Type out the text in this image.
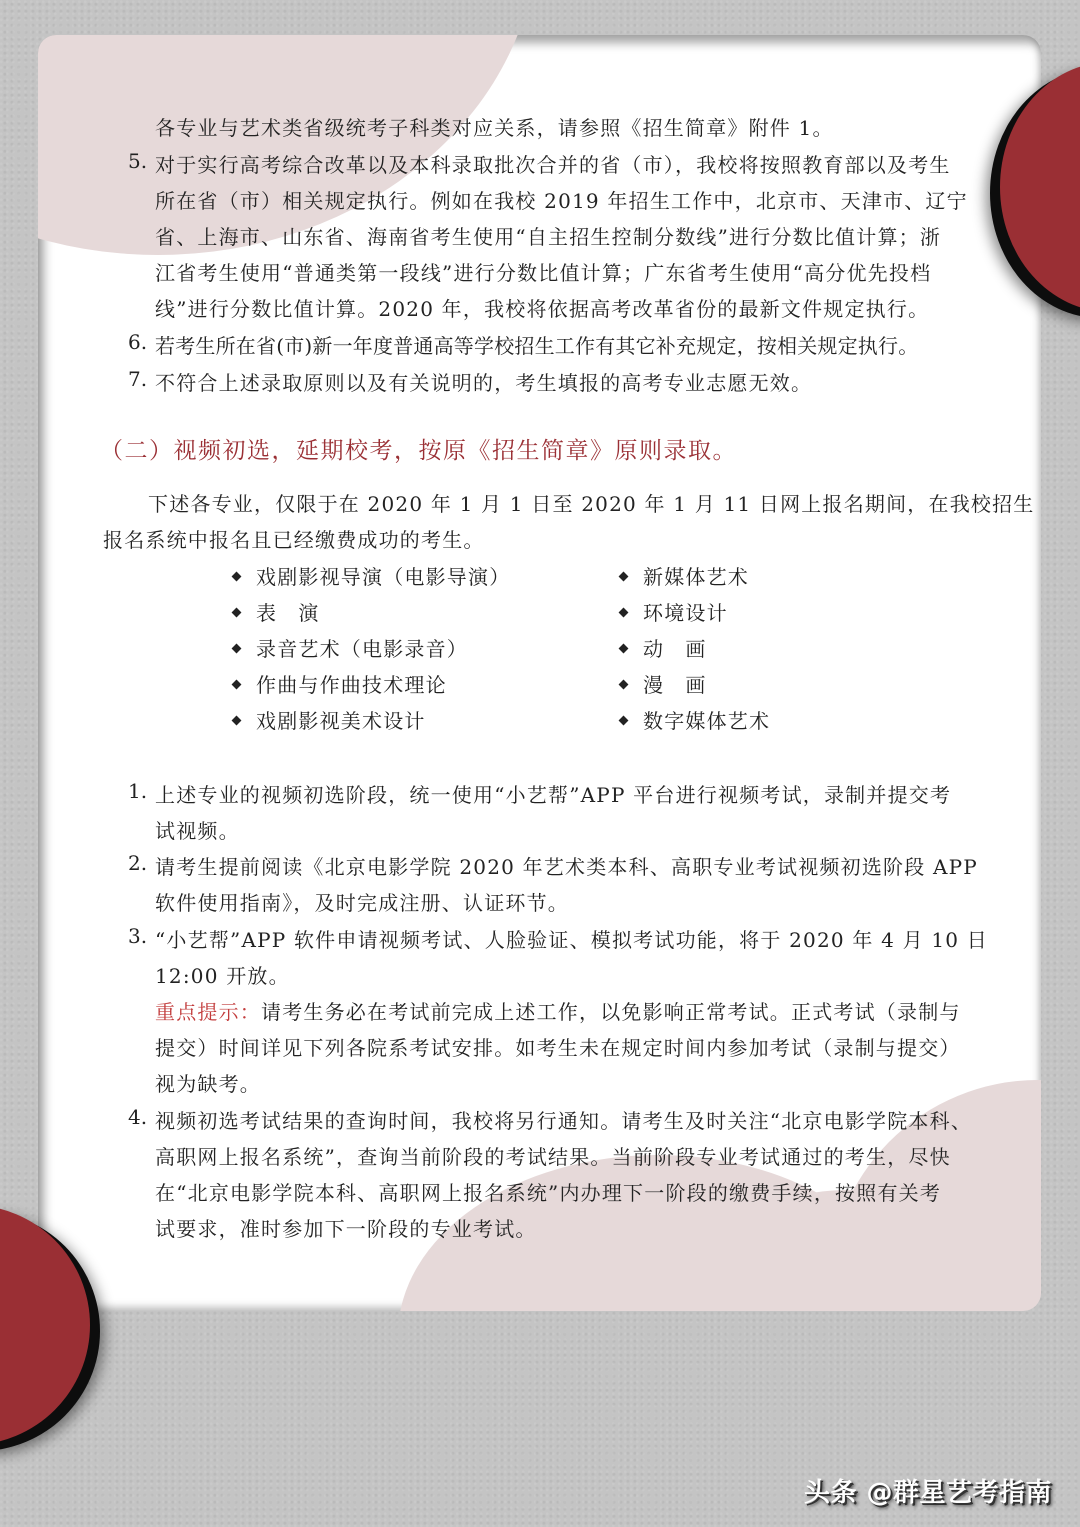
各专业与艺术类省级统考子科类对应关系，请参照《招生简章》附件 1。
5. 对于实行高考综合改革以及本科录取批次合并的省（市），我校将按照教育部以及考生
所在省（市）相关规定执行。例如在我校 2019 年招生工作中，北京市、天津市、辽宁
省、上海市、山东省、海南省考生使用“自主招生控制分数线”进行分数比值计算；浙
江省考生使用“普通类第一段线”进行分数比值计算；广东省考生使用“高分优先投档
线”进行分数比值计算。2020 年，我校将依据高考改革省份的最新文件规定执行。
6. 若考生所在省(市)新一年度普通高等学校招生工作有其它补充规定，按相关规定执行。
7. 不符合上述录取原则以及有关说明的，考生填报的高考专业志愿无效。
（二）视频初选，延期校考，按原《招生简章》原则录取。
下述各专业，仅限于在 2020 年 1 月 1 日至 2020 年 1 月 11 日网上报名期间，在我校招生
报名系统中报名且已经缴费成功的考生。
戏剧影视导演（电影导演）
表　演
录音艺术（电影录音）
作曲与作曲技术理论
戏剧影视美术设计
新媒体艺术
环境设计
动　画
漫　画
数字媒体艺术
1. 上述专业的视频初选阶段，统一使用“小艺帮”APP 平台进行视频考试，录制并提交考
试视频。
2. 请考生提前阅读《北京电影学院 2020 年艺术类本科、高职专业考试视频初选阶段 APP
软件使用指南》，及时完成注册、认证环节。
3. “小艺帮”APP 软件申请视频考试、人脸验证、模拟考试功能，将于 2020 年 4 月 10 日
12:00 开放。
重点提示：请考生务必在考试前完成上述工作，以免影响正常考试。正式考试（录制与
提交）时间详见下列各院系考试安排。如考生未在规定时间内参加考试（录制与提交）
视为缺考。
4. 视频初选考试结果的查询时间，我校将另行通知。请考生及时关注“北京电影学院本科、
高职网上报名系统”，查询当前阶段的考试结果。当前阶段专业考试通过的考生，尽快
在“北京电影学院本科、高职网上报名系统”内办理下一阶段的缴费手续，按照有关考
试要求，准时参加下一阶段的专业考试。
头条 @群星艺考指南
